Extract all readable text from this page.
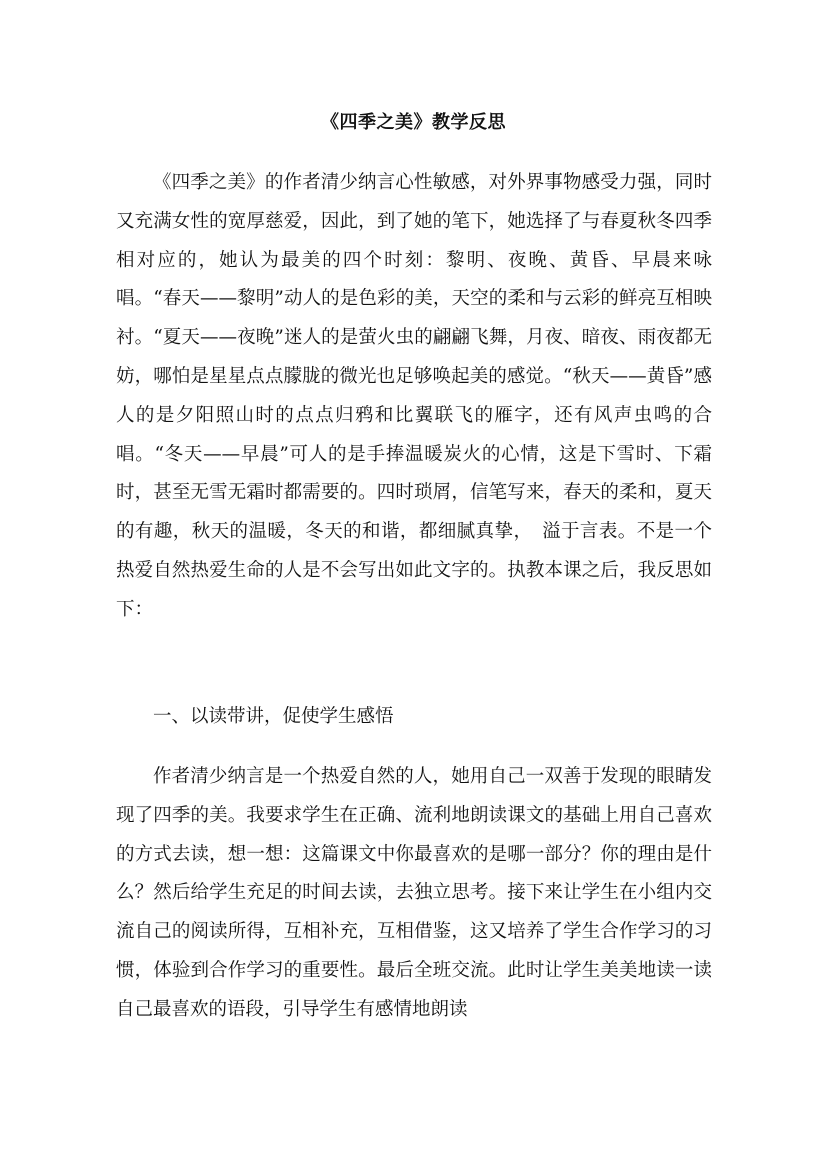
《四季之美》教学反思

《四季之美》的作者清少纳言心性敏感，对外界事物感受力强，同时又充满女性的宽厚慈爱，因此，到了她的笔下，她选择了与春夏秋冬四季相对应的，她认为最美的四个时刻：黎明、夜晚、黄昏、早晨来咏唱。“春天——黎明”动人的是色彩的美，天空的柔和与云彩的鲜亮互相映衬。“夏天——夜晚”迷人的是萤火虫的翩翩飞舞，月夜、暗夜、雨夜都无妨，哪怕是星星点点朦胧的微光也足够唤起美的感觉。“秋天——黄昏”感人的是夕阳照山时的点点归鸦和比翼联飞的雁字，还有风声虫鸣的合唱。“冬天——早晨”可人的是手捧温暖炭火的心情，这是下雪时、下霜时，甚至无雪无霜时都需要的。四时琐屑，信笔写来，春天的柔和，夏天的有趣，秋天的温暖，冬天的和谐，都细腻真挚，　溢于言表。不是一个热爱自然热爱生命的人是不会写出如此文字的。执教本课之后，我反思如下：

一、以读带讲，促使学生感悟

作者清少纳言是一个热爱自然的人，她用自己一双善于发现的眼睛发现了四季的美。我要求学生在正确、流利地朗读课文的基础上用自己喜欢的方式去读，想一想：这篇课文中你最喜欢的是哪一部分？你的理由是什么？然后给学生充足的时间去读，去独立思考。接下来让学生在小组内交流自己的阅读所得，互相补充，互相借鉴，这又培养了学生合作学习的习惯，体验到合作学习的重要性。最后全班交流。此时让学生美美地读一读自己最喜欢的语段，引导学生有感情地朗读
